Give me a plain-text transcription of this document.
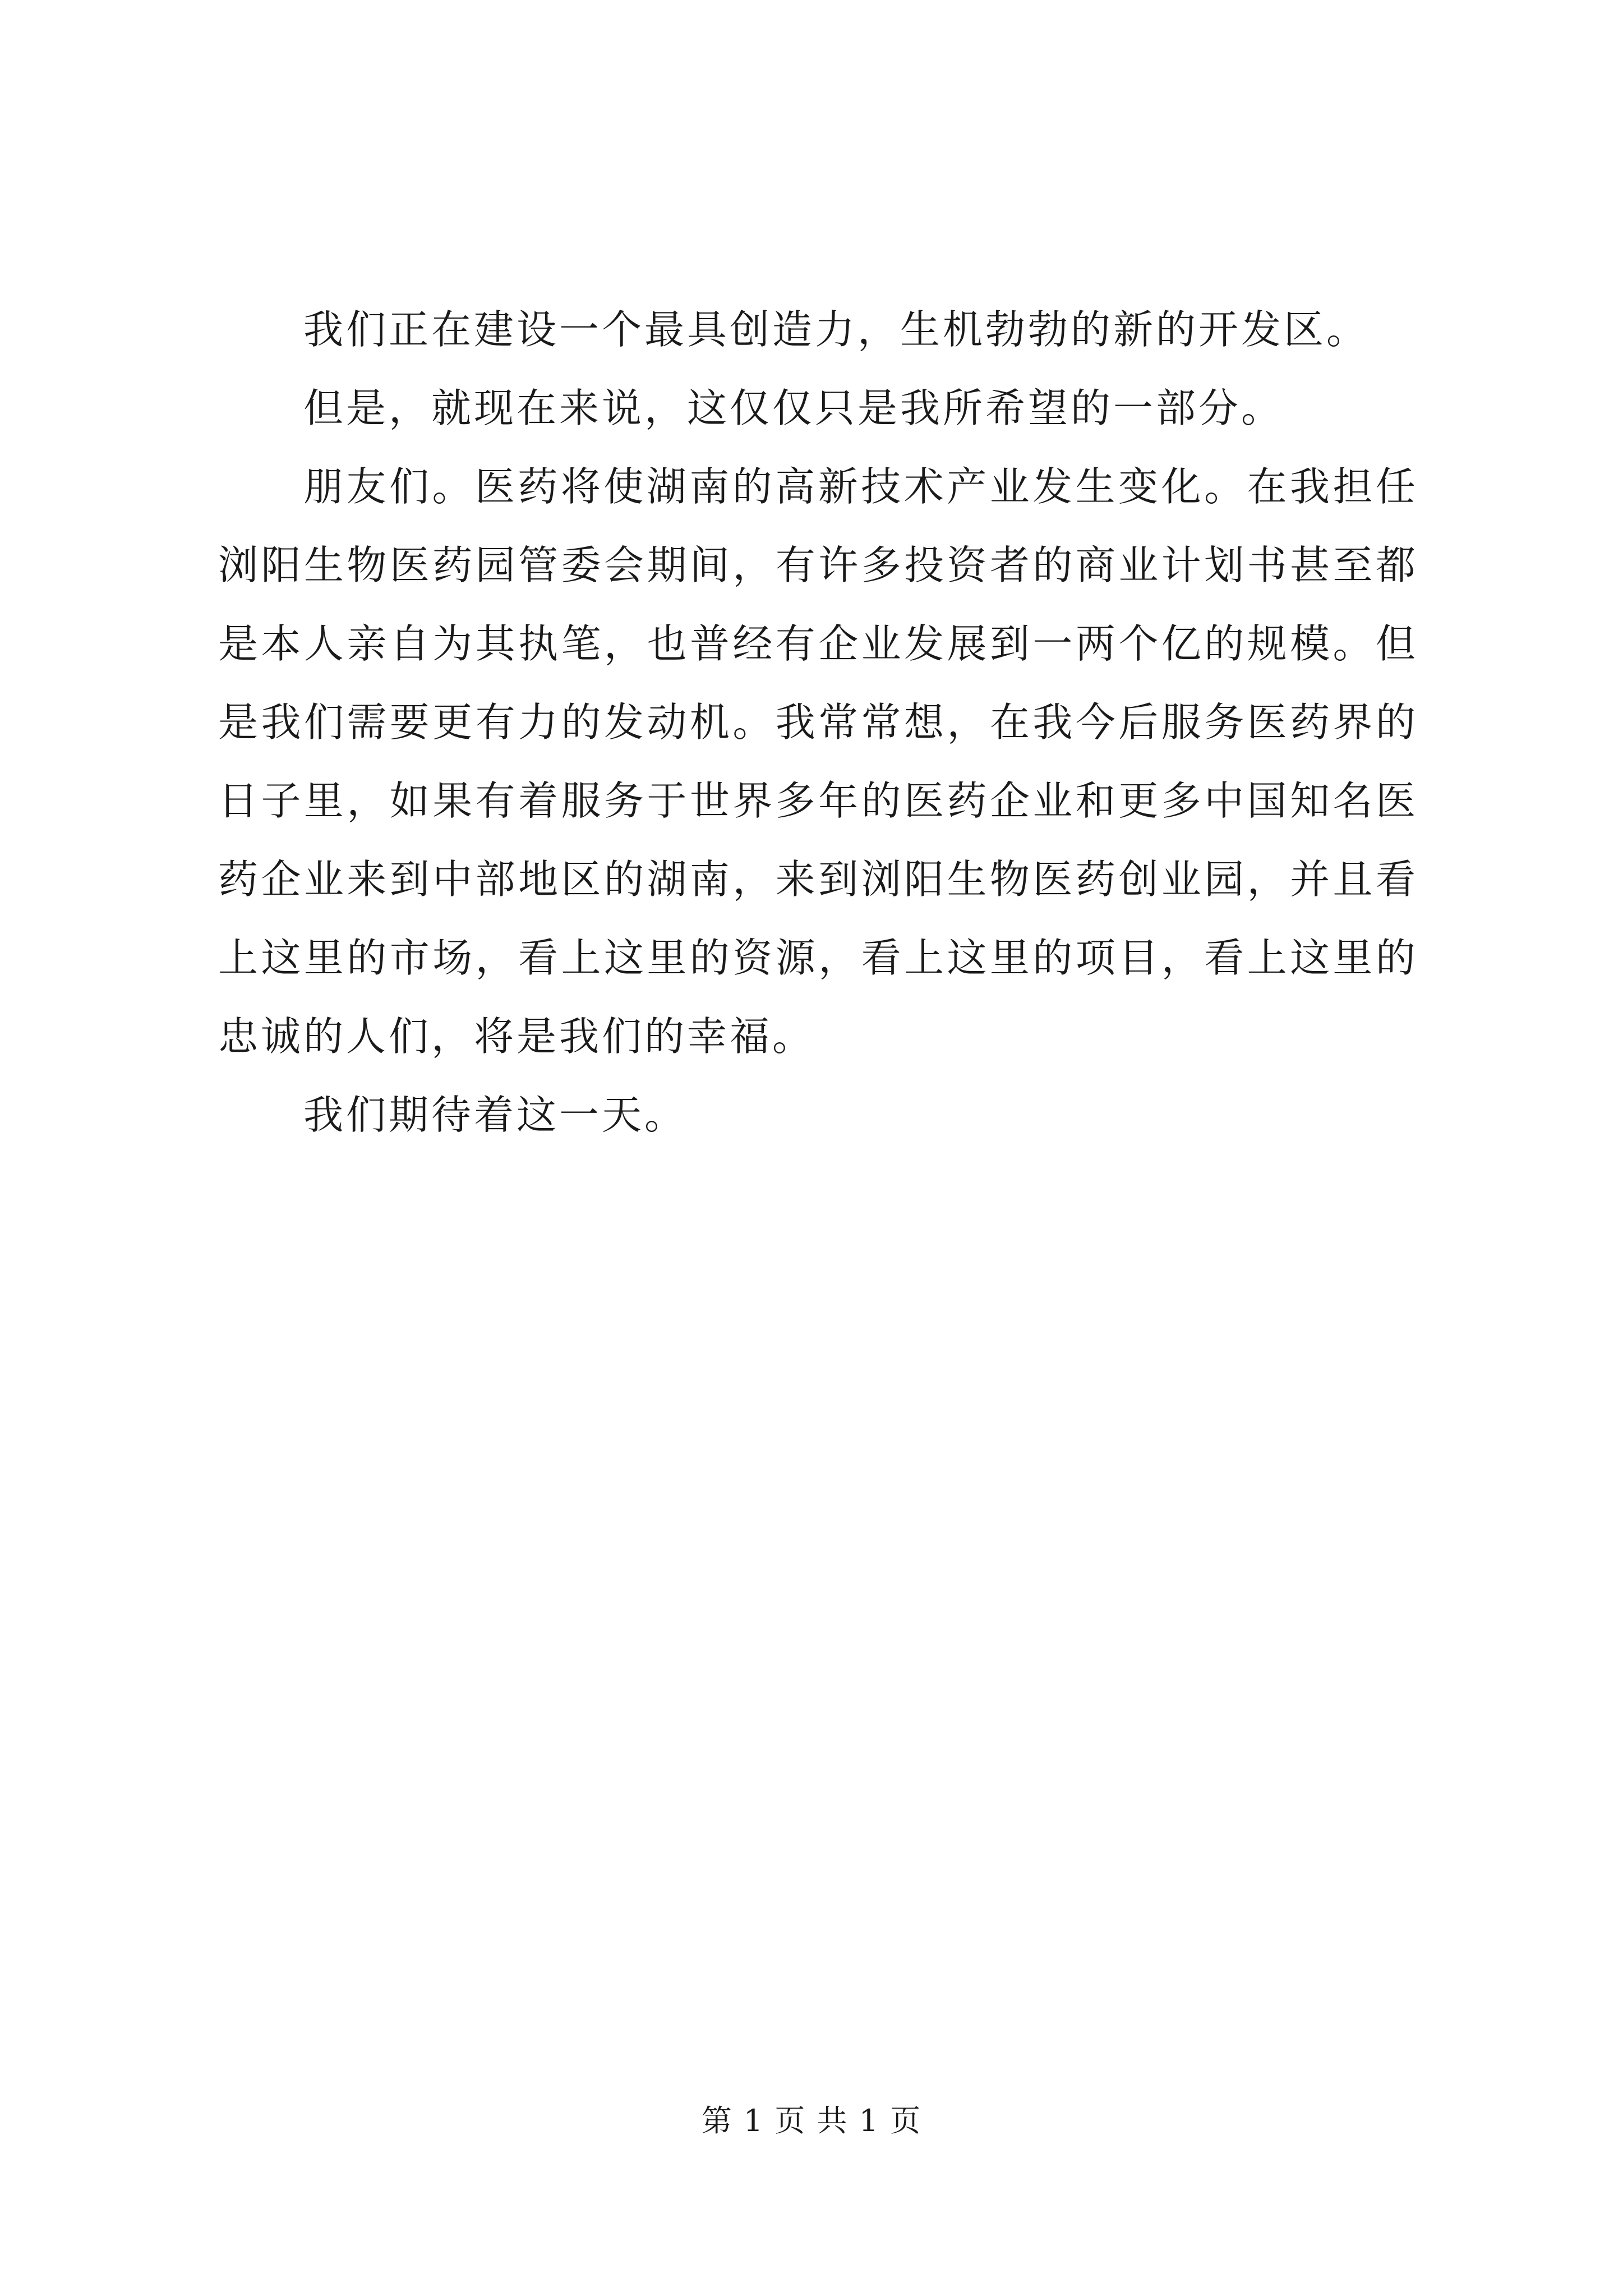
我们正在建设一个最具创造力，生机勃勃的新的开发区。

但是，就现在来说，这仅仅只是我所希望的一部分。

朋友们。医药将使湖南的高新技术产业发生变化。在我担任浏阳生物医药园管委会期间，有许多投资者的商业计划书甚至都是本人亲自为其执笔，也普经有企业发展到一两个亿的规模。但是我们需要更有力的发动机。我常常想，在我今后服务医药界的日子里，如果有着服务于世界多年的医药企业和更多中国知名医药企业来到中部地区的湖南，来到浏阳生物医药创业园，并且看上这里的市场，看上这里的资源，看上这里的项目，看上这里的忠诚的人们，将是我们的幸福。

我们期待着这一天。

第 1 页 共 1 页
